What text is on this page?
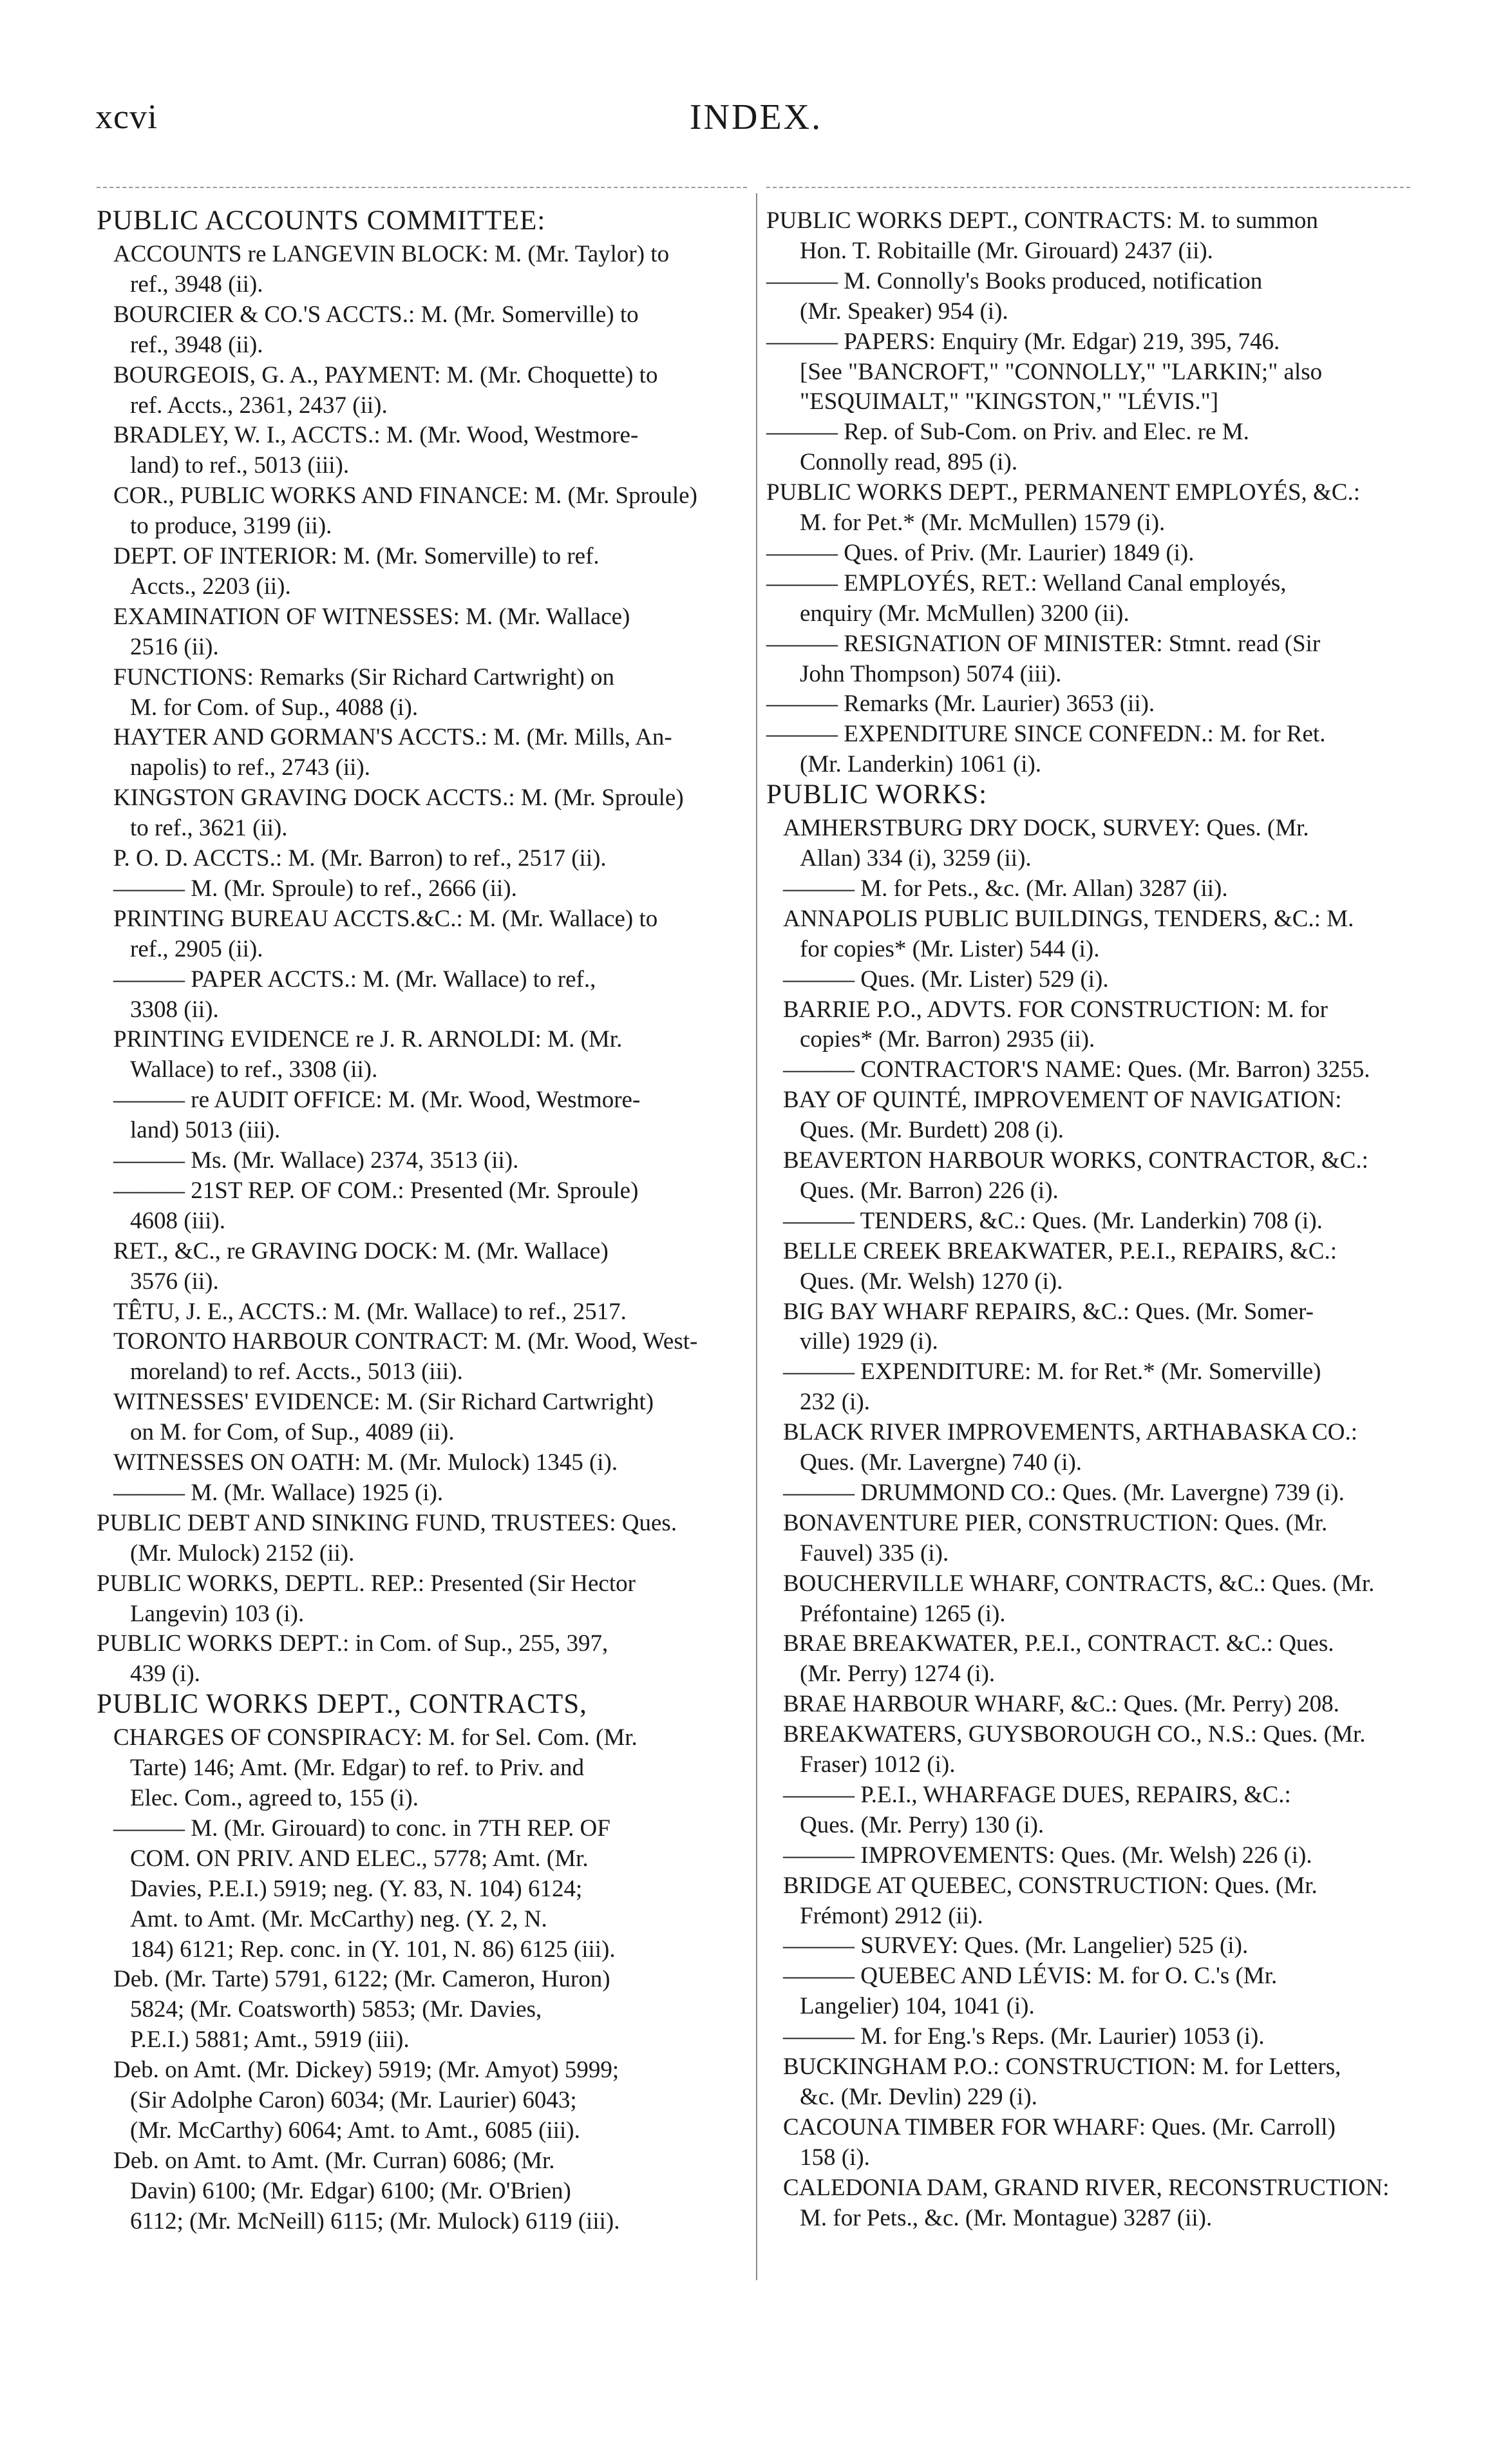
xcvi	INDEX.
PUBLIC ACCOUNTS COMMITTEE:
ACCOUNTS re LANGEVIN BLOCK: M. (Mr. Taylor) to
ref., 3948 (ii).
BOURCIER & CO.'S ACCTS.: M. (Mr. Somerville) to
ref., 3948 (ii).
BOURGEOIS, G. A., PAYMENT: M. (Mr. Choquette) to
ref. Accts., 2361, 2437 (ii).
BRADLEY, W. I., ACCTS.: M. (Mr. Wood, Westmore-
land) to ref., 5013 (iii).
COR., PUBLIC WORKS AND FINANCE: M. (Mr. Sproule)
to produce, 3199 (ii).
DEPT. OF INTERIOR: M. (Mr. Somerville) to ref.
Accts., 2203 (ii).
EXAMINATION OF WITNESSES: M. (Mr. Wallace)
2516 (ii).
FUNCTIONS: Remarks (Sir Richard Cartwright) on
M. for Com. of Sup., 4088 (i).
HAYTER AND GORMAN'S ACCTS.: M. (Mr. Mills, An-
napolis) to ref., 2743 (ii).
KINGSTON GRAVING DOCK ACCTS.: M. (Mr. Sproule)
to ref., 3621 (ii).
P. O. D. ACCTS.: M. (Mr. Barron) to ref., 2517 (ii).
——— M. (Mr. Sproule) to ref., 2666 (ii).
PRINTING BUREAU ACCTS.&C.: M. (Mr. Wallace) to
ref., 2905 (ii).
——— PAPER ACCTS.: M. (Mr. Wallace) to ref.,
3308 (ii).
PRINTING EVIDENCE re J. R. ARNOLDI: M. (Mr.
Wallace) to ref., 3308 (ii).
——— re AUDIT OFFICE: M. (Mr. Wood, Westmore-
land) 5013 (iii).
——— Ms. (Mr. Wallace) 2374, 3513 (ii).
——— 21ST REP. OF COM.: Presented (Mr. Sproule)
4608 (iii).
RET., &C., re GRAVING DOCK: M. (Mr. Wallace)
3576 (ii).
TÊTU, J. E., ACCTS.: M. (Mr. Wallace) to ref., 2517.
TORONTO HARBOUR CONTRACT: M. (Mr. Wood, West-
moreland) to ref. Accts., 5013 (iii).
WITNESSES' EVIDENCE: M. (Sir Richard Cartwright)
on M. for Com, of Sup., 4089 (ii).
WITNESSES ON OATH: M. (Mr. Mulock) 1345 (i).
——— M. (Mr. Wallace) 1925 (i).
PUBLIC DEBT AND SINKING FUND, TRUSTEES: Ques.
(Mr. Mulock) 2152 (ii).
PUBLIC WORKS, DEPTL. REP.: Presented (Sir Hector
Langevin) 103 (i).
PUBLIC WORKS DEPT.: in Com. of Sup., 255, 397,
439 (i).
PUBLIC WORKS DEPT., CONTRACTS,
CHARGES OF CONSPIRACY: M. for Sel. Com. (Mr.
Tarte) 146; Amt. (Mr. Edgar) to ref. to Priv. and
Elec. Com., agreed to, 155 (i).
——— M. (Mr. Girouard) to conc. in 7TH REP. OF
COM. ON PRIV. AND ELEC., 5778; Amt. (Mr.
Davies, P.E.I.) 5919; neg. (Y. 83, N. 104) 6124;
Amt. to Amt. (Mr. McCarthy) neg. (Y. 2, N.
184) 6121; Rep. conc. in (Y. 101, N. 86) 6125 (iii).
Deb. (Mr. Tarte) 5791, 6122; (Mr. Cameron, Huron)
5824; (Mr. Coatsworth) 5853; (Mr. Davies,
P.E.I.) 5881; Amt., 5919 (iii).
Deb. on Amt. (Mr. Dickey) 5919; (Mr. Amyot) 5999;
(Sir Adolphe Caron) 6034; (Mr. Laurier) 6043;
(Mr. McCarthy) 6064; Amt. to Amt., 6085 (iii).
Deb. on Amt. to Amt. (Mr. Curran) 6086; (Mr.
Davin) 6100; (Mr. Edgar) 6100; (Mr. O'Brien)
6112; (Mr. McNeill) 6115; (Mr. Mulock) 6119 (iii).
PUBLIC WORKS DEPT., CONTRACTS: M. to summon
Hon. T. Robitaille (Mr. Girouard) 2437 (ii).
——— M. Connolly's Books produced, notification
(Mr. Speaker) 954 (i).
——— PAPERS: Enquiry (Mr. Edgar) 219, 395, 746.
[See "BANCROFT," "CONNOLLY," "LARKIN;" also
"ESQUIMALT," "KINGSTON," "LÉVIS."]
——— Rep. of Sub-Com. on Priv. and Elec. re M.
Connolly read, 895 (i).
PUBLIC WORKS DEPT., PERMANENT EMPLOYÉS, &C.:
M. for Pet.* (Mr. McMullen) 1579 (i).
——— Ques. of Priv. (Mr. Laurier) 1849 (i).
——— EMPLOYÉS, RET.: Welland Canal employés,
enquiry (Mr. McMullen) 3200 (ii).
——— RESIGNATION OF MINISTER: Stmnt. read (Sir
John Thompson) 5074 (iii).
——— Remarks (Mr. Laurier) 3653 (ii).
——— EXPENDITURE SINCE CONFEDN.: M. for Ret.
(Mr. Landerkin) 1061 (i).
PUBLIC WORKS:
AMHERSTBURG DRY DOCK, SURVEY: Ques. (Mr.
Allan) 334 (i), 3259 (ii).
——— M. for Pets., &c. (Mr. Allan) 3287 (ii).
ANNAPOLIS PUBLIC BUILDINGS, TENDERS, &C.: M.
for copies* (Mr. Lister) 544 (i).
——— Ques. (Mr. Lister) 529 (i).
BARRIE P.O., ADVTS. FOR CONSTRUCTION: M. for
copies* (Mr. Barron) 2935 (ii).
——— CONTRACTOR'S NAME: Ques. (Mr. Barron) 3255.
BAY OF QUINTÉ, IMPROVEMENT OF NAVIGATION:
Ques. (Mr. Burdett) 208 (i).
BEAVERTON HARBOUR WORKS, CONTRACTOR, &C.:
Ques. (Mr. Barron) 226 (i).
——— TENDERS, &C.: Ques. (Mr. Landerkin) 708 (i).
BELLE CREEK BREAKWATER, P.E.I., REPAIRS, &C.:
Ques. (Mr. Welsh) 1270 (i).
BIG BAY WHARF REPAIRS, &C.: Ques. (Mr. Somer-
ville) 1929 (i).
——— EXPENDITURE: M. for Ret.* (Mr. Somerville)
232 (i).
BLACK RIVER IMPROVEMENTS, ARTHABASKA CO.:
Ques. (Mr. Lavergne) 740 (i).
——— DRUMMOND CO.: Ques. (Mr. Lavergne) 739 (i).
BONAVENTURE PIER, CONSTRUCTION: Ques. (Mr.
Fauvel) 335 (i).
BOUCHERVILLE WHARF, CONTRACTS, &C.: Ques. (Mr.
Préfontaine) 1265 (i).
BRAE BREAKWATER, P.E.I., CONTRACT. &C.: Ques.
(Mr. Perry) 1274 (i).
BRAE HARBOUR WHARF, &C.: Ques. (Mr. Perry) 208.
BREAKWATERS, GUYSBOROUGH CO., N.S.: Ques. (Mr.
Fraser) 1012 (i).
——— P.E.I., WHARFAGE DUES, REPAIRS, &C.:
Ques. (Mr. Perry) 130 (i).
——— IMPROVEMENTS: Ques. (Mr. Welsh) 226 (i).
BRIDGE AT QUEBEC, CONSTRUCTION: Ques. (Mr.
Frémont) 2912 (ii).
——— SURVEY: Ques. (Mr. Langelier) 525 (i).
——— QUEBEC AND LÉVIS: M. for O. C.'s (Mr.
Langelier) 104, 1041 (i).
——— M. for Eng.'s Reps. (Mr. Laurier) 1053 (i).
BUCKINGHAM P.O.: CONSTRUCTION: M. for Letters,
&c. (Mr. Devlin) 229 (i).
CACOUNA TIMBER FOR WHARF: Ques. (Mr. Carroll)
158 (i).
CALEDONIA DAM, GRAND RIVER, RECONSTRUCTION:
M. for Pets., &c. (Mr. Montague) 3287 (ii).
